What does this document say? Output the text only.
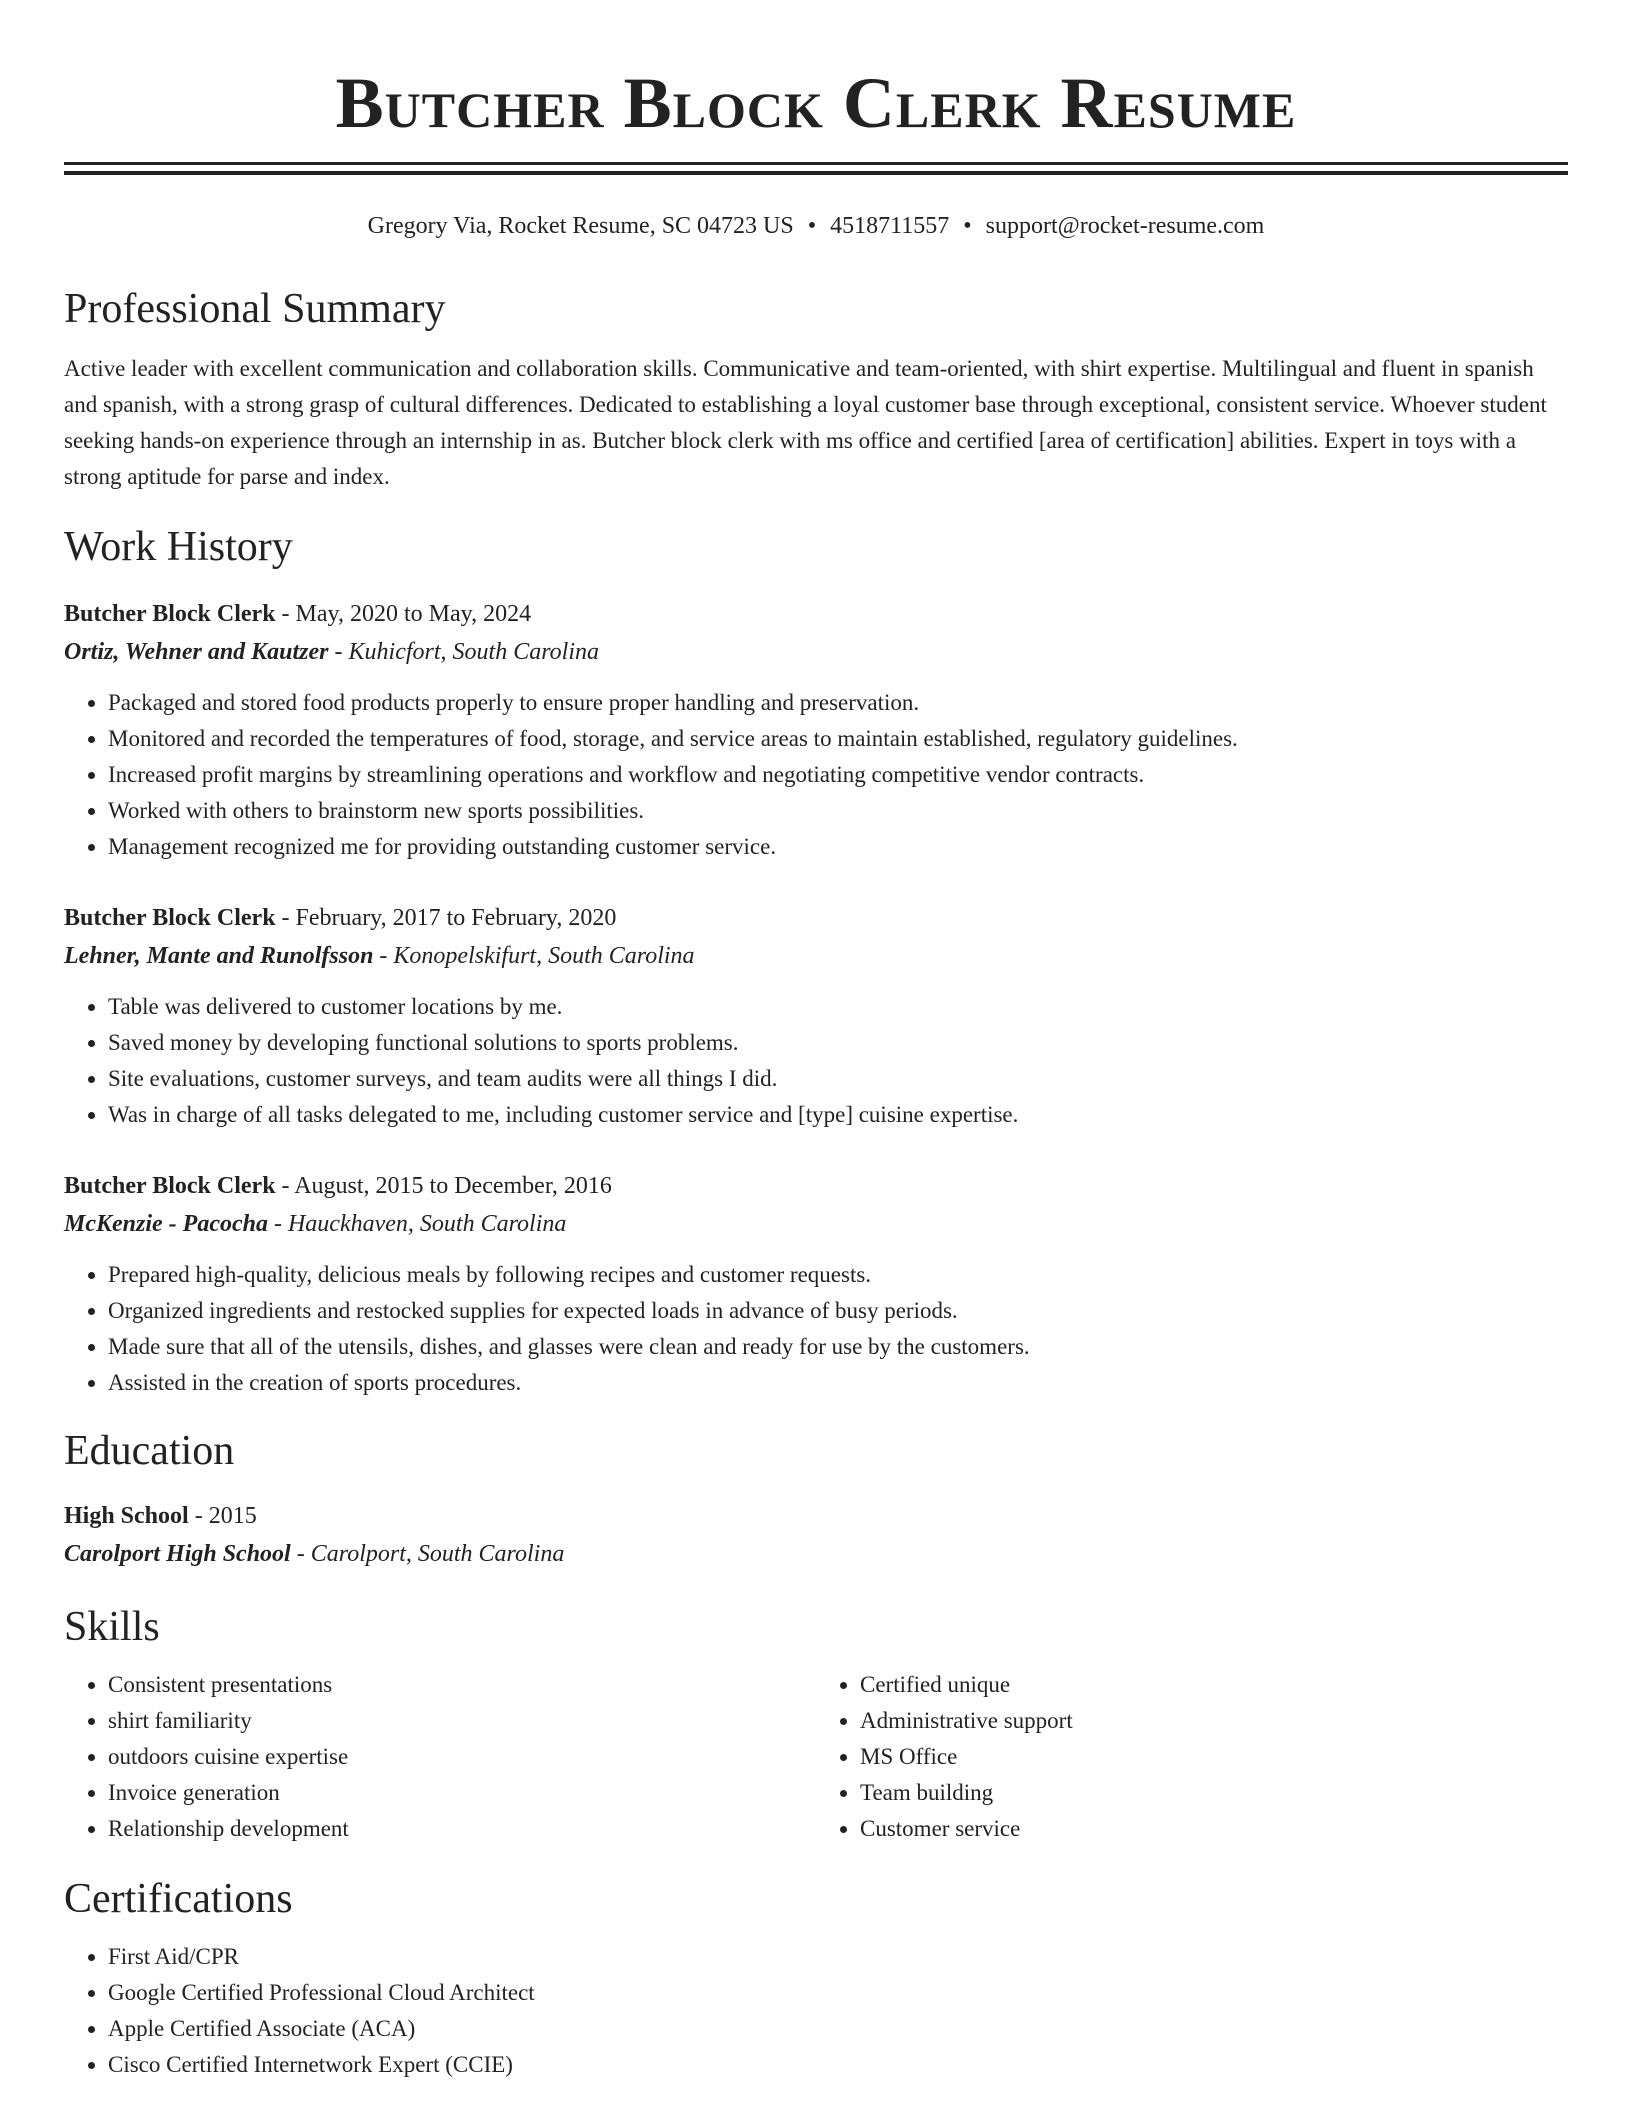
Butcher Block Clerk Resume
Gregory Via, Rocket Resume, SC 04723 US • 4518711557 • support@rocket-resume.com
Professional Summary

Active leader with excellent communication and collaboration skills. Communicative and team-oriented, with shirt expertise. Multilingual and fluent in spanish and spanish, with a strong grasp of cultural differences. Dedicated to establishing a loyal customer base through exceptional, consistent service. Whoever student seeking hands-on experience through an internship in as. Butcher block clerk with ms office and certified [area of certification] abilities. Expert in toys with a strong aptitude for parse and index.

Work History
Butcher Block Clerk - May, 2020 to May, 2024
Ortiz, Wehner and Kautzer - Kuhicfort, South Carolina
• Packaged and stored food products properly to ensure proper handling and preservation.
• Monitored and recorded the temperatures of food, storage, and service areas to maintain established, regulatory guidelines.
• Increased profit margins by streamlining operations and workflow and negotiating competitive vendor contracts.
• Worked with others to brainstorm new sports possibilities.
• Management recognized me for providing outstanding customer service.
Butcher Block Clerk - February, 2017 to February, 2020
Lehner, Mante and Runolfsson - Konopelskifurt, South Carolina
• Table was delivered to customer locations by me.
• Saved money by developing functional solutions to sports problems.
• Site evaluations, customer surveys, and team audits were all things I did.
• Was in charge of all tasks delegated to me, including customer service and [type] cuisine expertise.
Butcher Block Clerk - August, 2015 to December, 2016
McKenzie - Pacocha - Hauckhaven, South Carolina
• Prepared high-quality, delicious meals by following recipes and customer requests.
• Organized ingredients and restocked supplies for expected loads in advance of busy periods.
• Made sure that all of the utensils, dishes, and glasses were clean and ready for use by the customers.
• Assisted in the creation of sports procedures.
Education
High School - 2015
Carolport High School - Carolport, South Carolina
Skills
• Consistent presentations
• shirt familiarity
• outdoors cuisine expertise
• Invoice generation
• Relationship development
• Certified unique
• Administrative support
• MS Office
• Team building
• Customer service
Certifications
• First Aid/CPR
• Google Certified Professional Cloud Architect
• Apple Certified Associate (ACA)
• Cisco Certified Internetwork Expert (CCIE)
